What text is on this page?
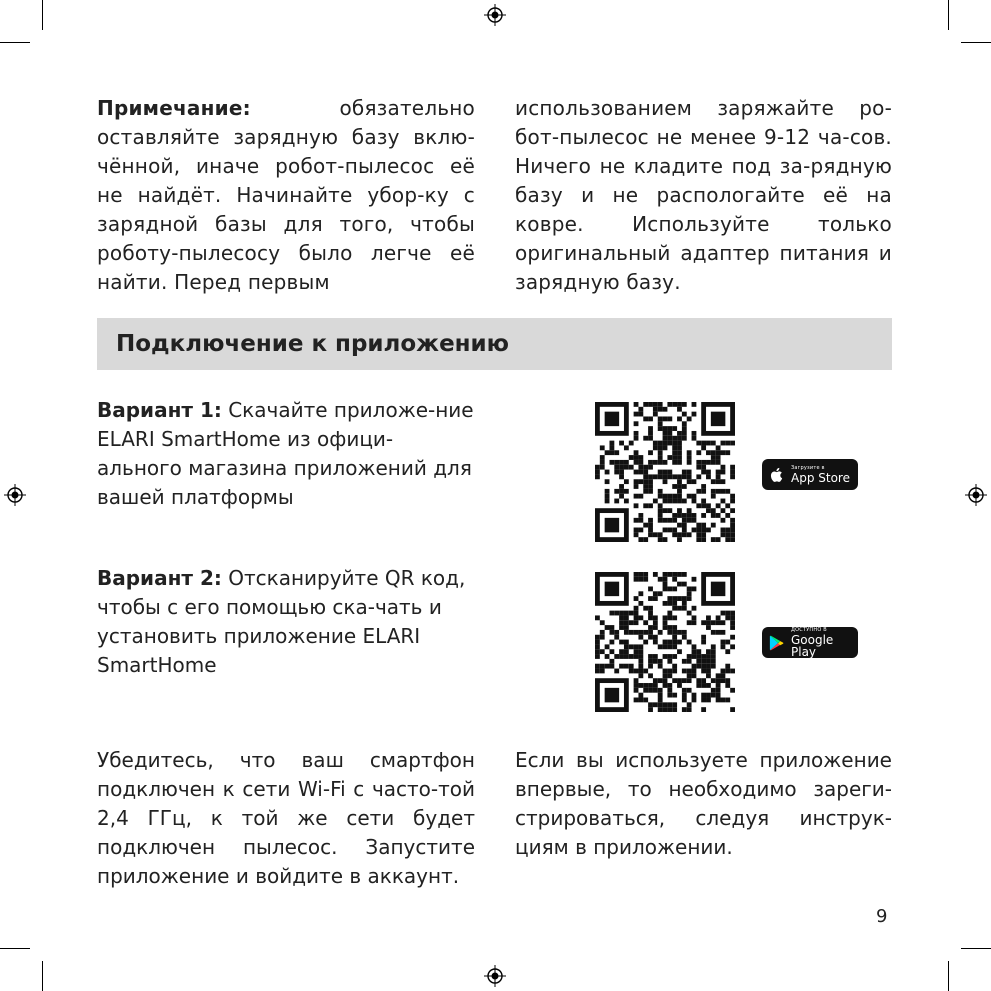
Примечание:	обязательно оставляйте зарядную базу вклю-чённой, иначе робот-пылесос её не найдёт. Начинайте убор-ку с зарядной базы для того, чтобы роботу-пылесосу было легче её найти. Перед первым

использованием заряжайте ро-бот-пылесос не менее 9-12 ча-сов. Ничего не кладите под за-рядную базу и не распологайте её на ковре. Используйте только оригинальный адаптер питания и зарядную базу.

Подключение к приложению
Вариант 1: Скачайте приложе-ние ELARI SmartHome из офици-ального магазина приложений для вашей платформы
Загрузите в
App Store
Вариант 2: Отсканируйте QR код, чтобы с его помощью ска-чать и установить приложение ELARI SmartHome
ДОСТУПНО В
Google Play
Убедитесь, что ваш смартфон подключен к сети Wi-Fi с часто-той 2,4 ГГц, к той же сети будет подключен пылесос. Запустите приложение и войдите в аккаунт.
Если вы используете приложение впервые, то необходимо зареги-стрироваться, следуя инструк-циям в приложении.
9
